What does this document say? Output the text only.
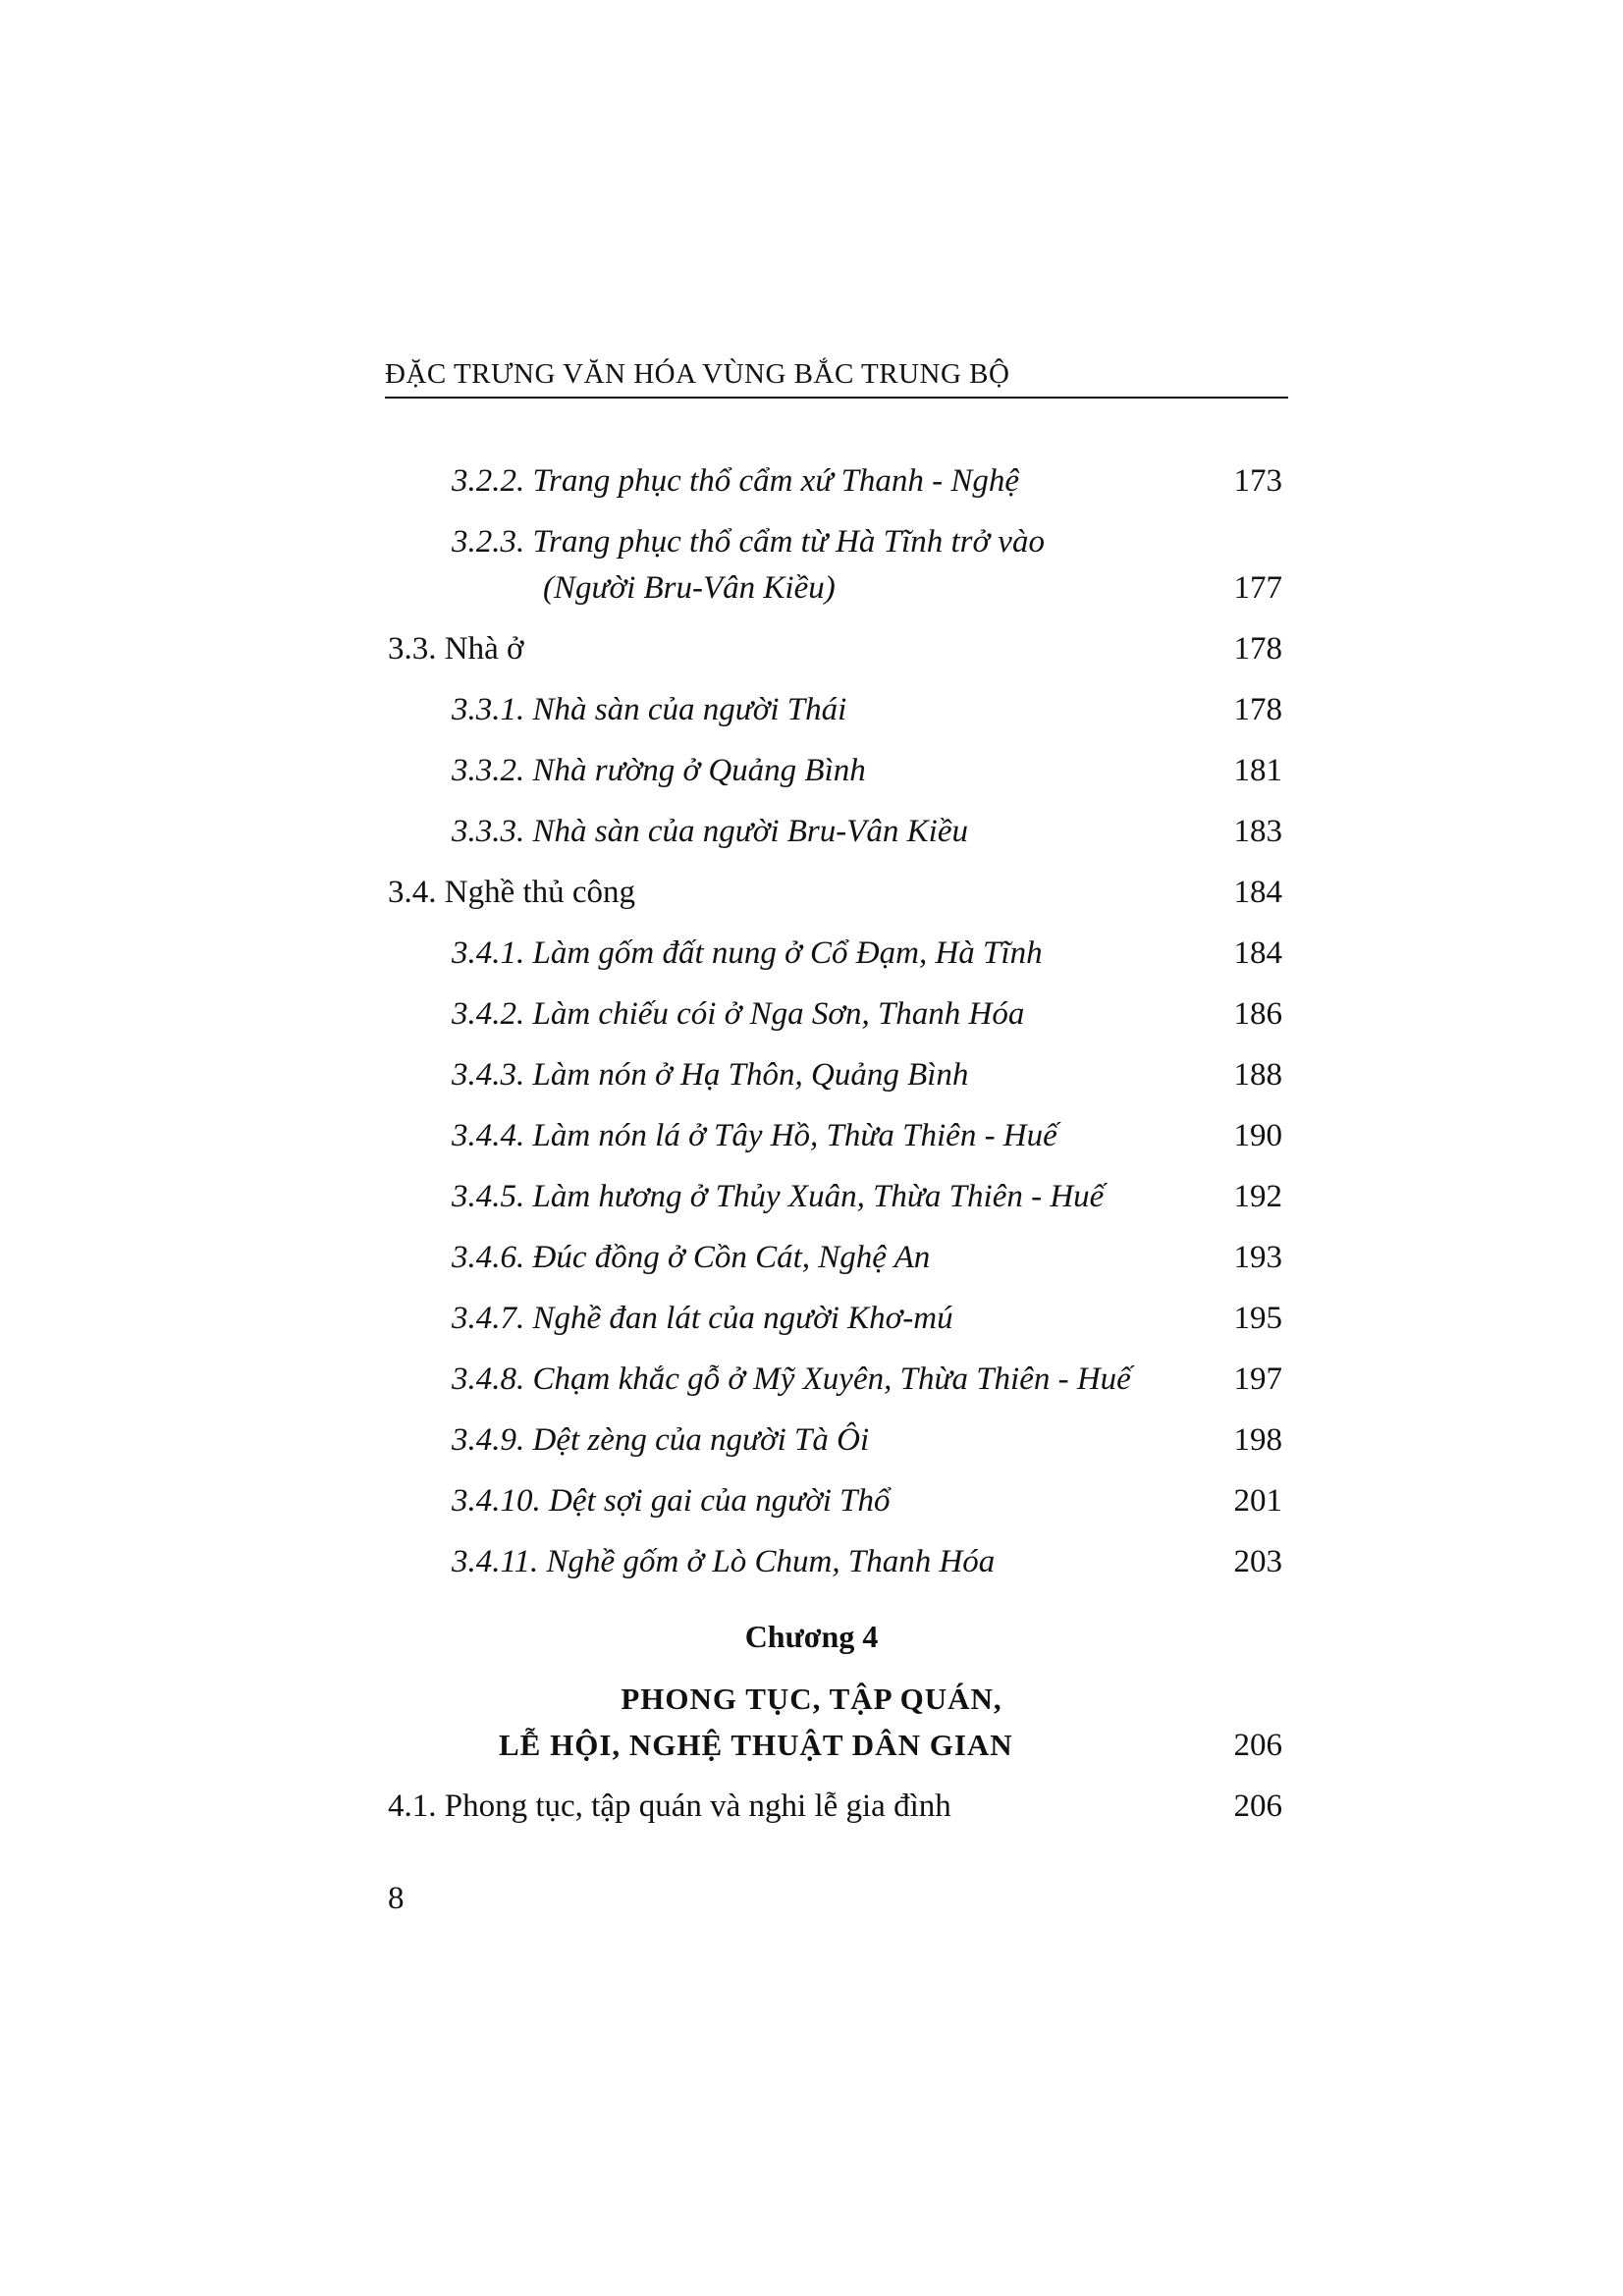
ĐẶC TRƯNG VĂN HÓA VÙNG BẮC TRUNG BỘ
3.2.2. Trang phục thổ cẩm xứ Thanh - Nghệ	173
3.2.3. Trang phục thổ cẩm từ Hà Tĩnh trở vào
(Người Bru-Vân Kiều)	177
3.3. Nhà ở	178
3.3.1. Nhà sàn của người Thái	178
3.3.2. Nhà rường ở Quảng Bình	181
3.3.3. Nhà sàn của người Bru-Vân Kiều	183
3.4. Nghề thủ công	184
3.4.1. Làm gốm đất nung ở Cổ Đạm, Hà Tĩnh	184
3.4.2. Làm chiếu cói ở Nga Sơn, Thanh Hóa	186
3.4.3. Làm nón ở Hạ Thôn, Quảng Bình	188
3.4.4. Làm nón lá ở Tây Hồ, Thừa Thiên - Huế	190
3.4.5. Làm hương ở Thủy Xuân, Thừa Thiên - Huế	192
3.4.6. Đúc đồng ở Cồn Cát, Nghệ An	193
3.4.7. Nghề đan lát của người Khơ-mú	195
3.4.8. Chạm khắc gỗ ở Mỹ Xuyên, Thừa Thiên - Huế	197
3.4.9. Dệt zèng của người Tà Ôi	198
3.4.10. Dệt sợi gai của người Thổ	201
3.4.11. Nghề gốm ở Lò Chum, Thanh Hóa	203
Chương 4
PHONG TỤC, TẬP QUÁN,
LỄ HỘI, NGHỆ THUẬT DÂN GIAN	206
4.1. Phong tục, tập quán và nghi lễ gia đình	206
8
